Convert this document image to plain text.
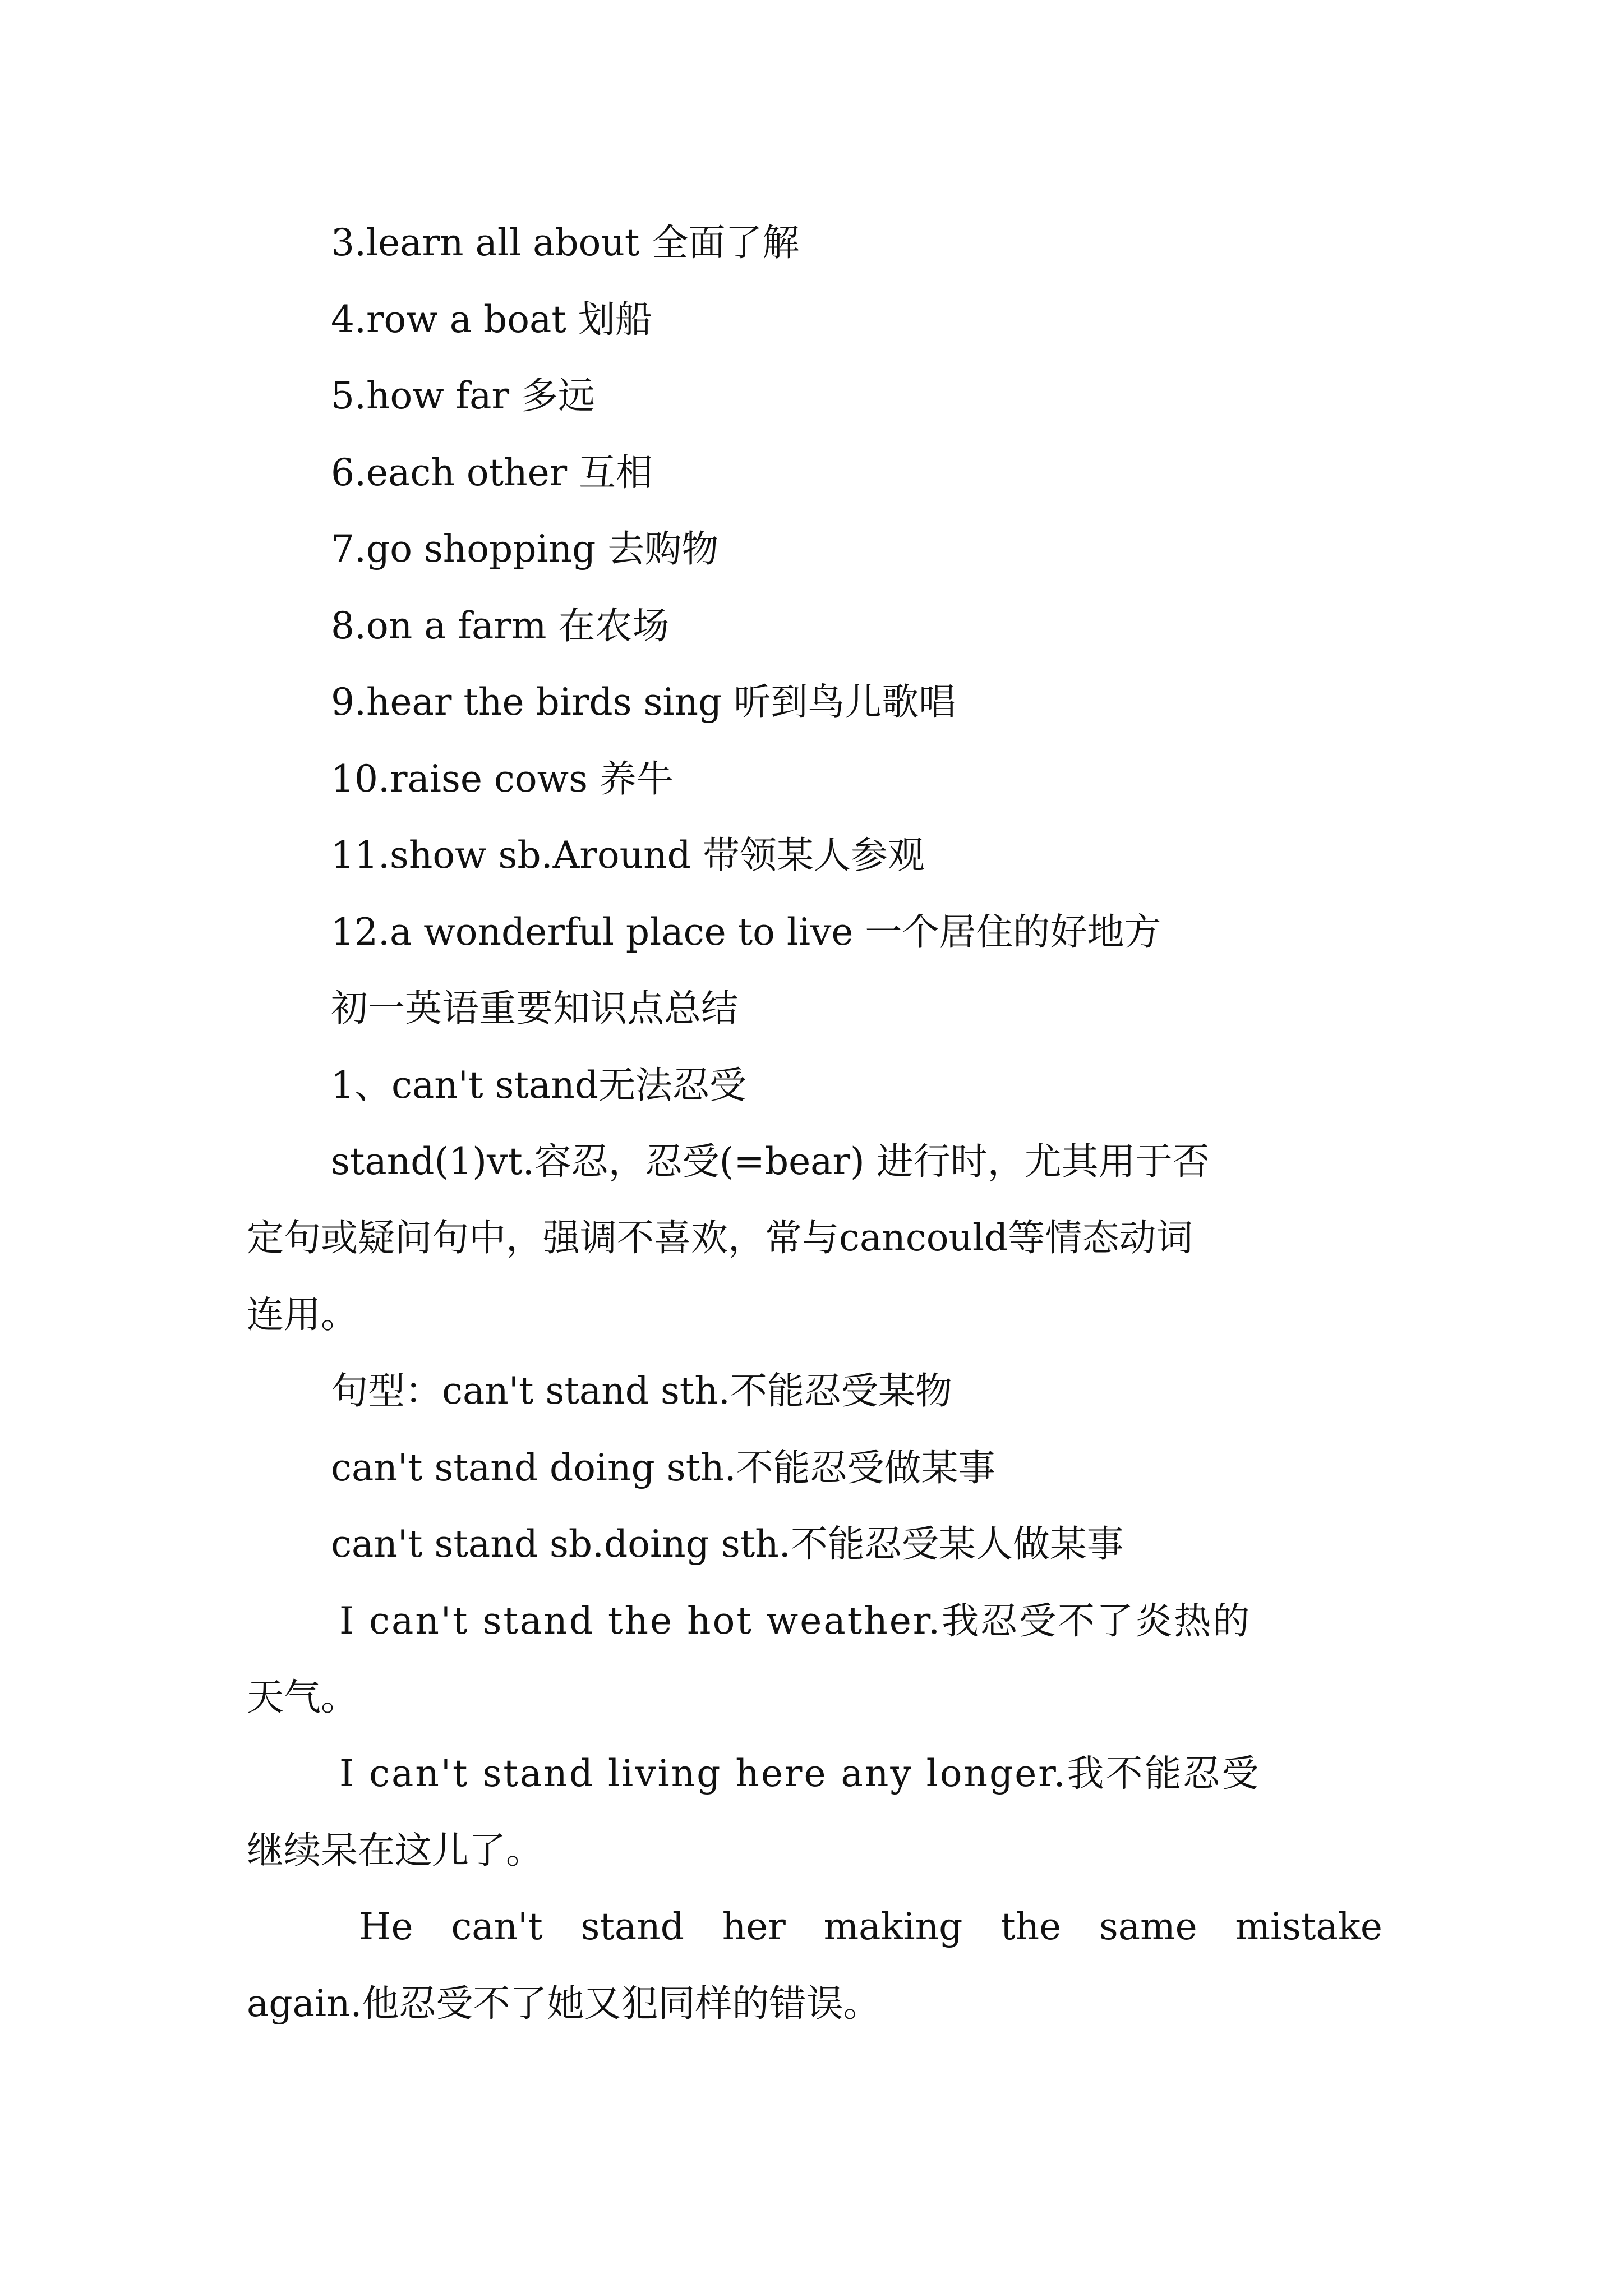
3.learn all about 全面了解
4.row a boat 划船
5.how far 多远
6.each other 互相
7.go shopping 去购物
8.on a farm 在农场
9.hear the birds sing 听到鸟儿歌唱
10.raise cows 养牛
11.show sb.Around 带领某人参观
12.a wonderful place to live 一个居住的好地方
初一英语重要知识点总结
1、can't stand无法忍受
stand(1)vt.容忍，忍受(=bear) 进行时，尤其用于否
定句或疑问句中，强调不喜欢，常与cancould等情态动词
连用。
句型：can't stand sth.不能忍受某物
can't stand doing sth.不能忍受做某事
can't stand sb.doing sth.不能忍受某人做某事
I can't stand the hot weather.我忍受不了炎热的
天气。
I can't stand living here any longer.我不能忍受
继续呆在这儿了。
He can't stand her making the same mistake
again.他忍受不了她又犯同样的错误。
